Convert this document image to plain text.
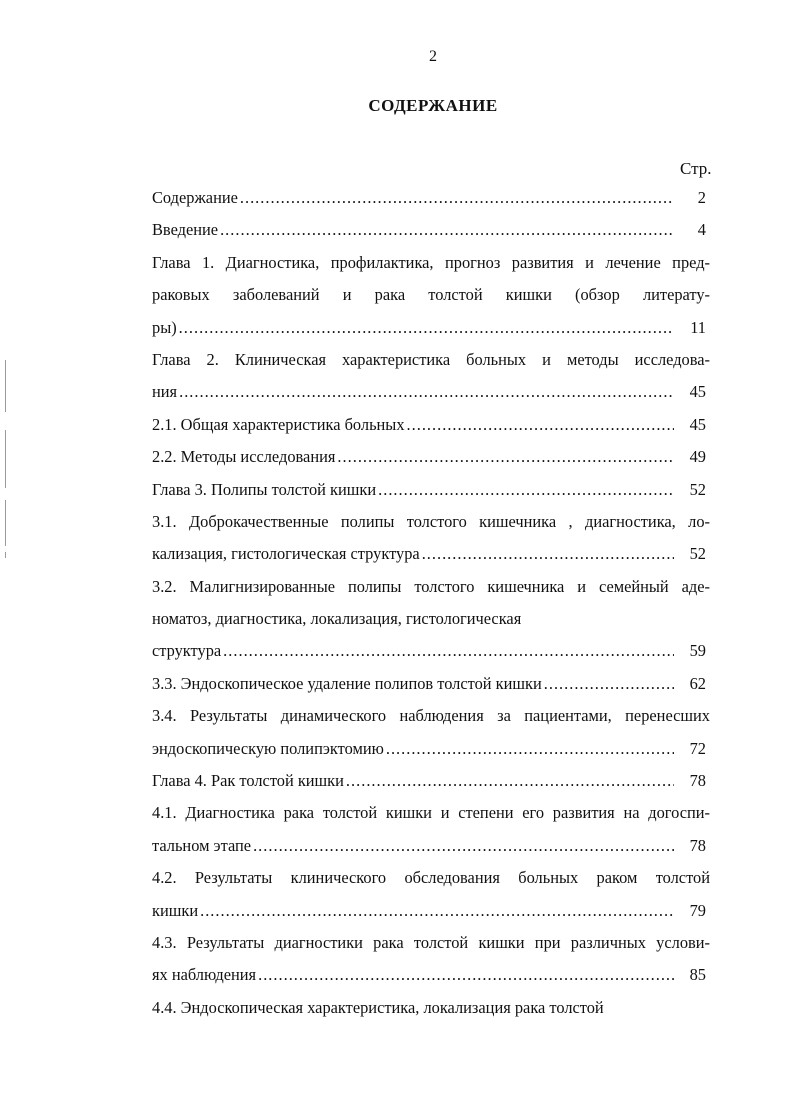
2
СОДЕРЖАНИЕ
Стр.
Содержание .....	2
Введение .....	4
Глава 1. Диагностика, профилактика, прогноз развития и лечение пред-
раковых заболеваний и рака толстой кишки (обзор литерату-
ры) .....	11
Глава 2. Клиническая характеристика больных и методы исследова-
ния .....	45
2.1. Общая характеристика больных .....	45
2.2. Методы исследования .....	49
Глава 3. Полипы толстой кишки .....	52
3.1. Доброкачественные полипы толстого кишечника , диагностика, ло-
кализация, гистологическая структура .....	52
3.2. Малигнизированные полипы толстого кишечника и семейный аде-
номатоз, диагностика, локализация, гистологическая
структура .....	59
3.3. Эндоскопическое удаление полипов толстой кишки .....	62
3.4. Результаты динамического наблюдения за пациентами, перенесших
эндоскопическую полипэктомию .....	72
Глава 4. Рак толстой кишки .....	78
4.1. Диагностика рака толстой кишки и степени его развития на догоспи-
тальном этапе .....	78
4.2. Результаты клинического обследования больных раком толстой
кишки .....	79
4.3. Результаты диагностики рака толстой кишки при различных услови-
ях наблюдения .....	85
4.4. Эндоскопическая характеристика, локализация рака толстой
